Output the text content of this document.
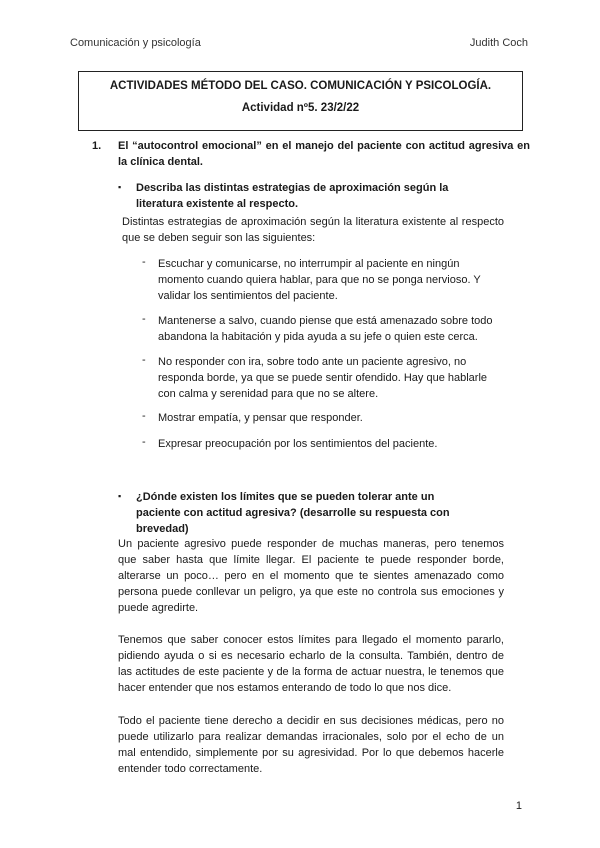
Comunicación y psicología	Judith Coch
ACTIVIDADES MÉTODO DEL CASO. COMUNICACIÓN Y PSICOLOGÍA.
Actividad nº5. 23/2/22
1. El “autocontrol emocional” en el manejo del paciente con actitud agresiva en la clínica dental.
▪ Describa las distintas estrategias de aproximación según la literatura existente al respecto.
Distintas estrategias de aproximación según la literatura existente al respecto que se deben seguir son las siguientes:
- Escuchar y comunicarse, no interrumpir al paciente en ningún momento cuando quiera hablar, para que no se ponga nervioso. Y validar los sentimientos del paciente.
- Mantenerse a salvo, cuando piense que está amenazado sobre todo abandona la habitación y pida ayuda a su jefe o quien este cerca.
- No responder con ira, sobre todo ante un paciente agresivo, no responda borde, ya que se puede sentir ofendido. Hay que hablarle con calma y serenidad para que no se altere.
- Mostrar empatía, y pensar que responder.
- Expresar preocupación por los sentimientos del paciente.
▪ ¿Dónde existen los límites que se pueden tolerar ante un paciente con actitud agresiva? (desarrolle su respuesta con brevedad)
Un paciente agresivo puede responder de muchas maneras, pero tenemos que saber hasta que límite llegar. El paciente te puede responder borde, alterarse un poco… pero en el momento que te sientes amenazado como persona puede conllevar un peligro, ya que este no controla sus emociones y puede agredirte.
Tenemos que saber conocer estos límites para llegado el momento pararlo, pidiendo ayuda o si es necesario echarlo de la consulta. También, dentro de las actitudes de este paciente y de la forma de actuar nuestra, le tenemos que hacer entender que nos estamos enterando de todo lo que nos dice.
Todo el paciente tiene derecho a decidir en sus decisiones médicas, pero no puede utilizarlo para realizar demandas irracionales, solo por el echo de un mal entendido, simplemente por su agresividad. Por lo que debemos hacerle entender todo correctamente.
1
